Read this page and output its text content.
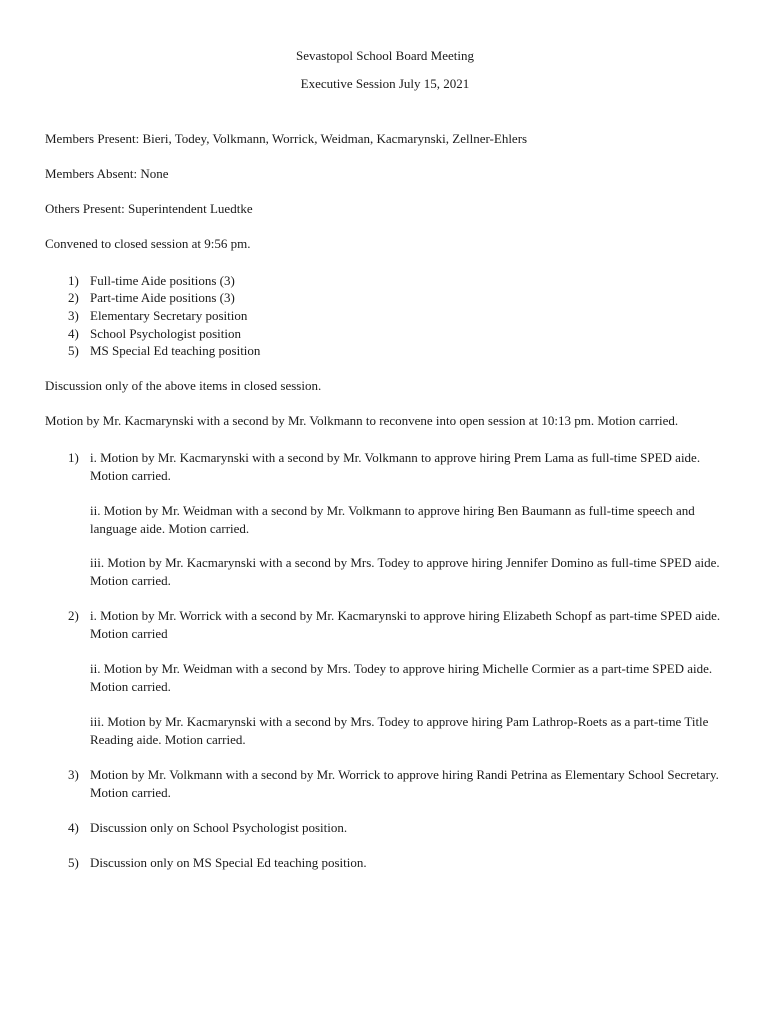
Sevastopol School Board Meeting
Executive Session July 15, 2021
Members Present: Bieri, Todey, Volkmann, Worrick, Weidman, Kacmarynski, Zellner-Ehlers
Members Absent: None
Others Present: Superintendent Luedtke
Convened to closed session at 9:56 pm.
1) Full-time Aide positions (3)
2) Part-time Aide positions (3)
3) Elementary Secretary position
4) School Psychologist position
5) MS Special Ed teaching position
Discussion only of the above items in closed session.
Motion by Mr. Kacmarynski with a second by Mr. Volkmann to reconvene into open session at 10:13 pm. Motion carried.
1) i. Motion by Mr. Kacmarynski with a second by Mr. Volkmann to approve hiring Prem Lama as full-time SPED aide. Motion carried.
ii. Motion by Mr. Weidman with a second by Mr. Volkmann to approve hiring Ben Baumann as full-time speech and language aide. Motion carried.
iii. Motion by Mr. Kacmarynski with a second by Mrs. Todey to approve hiring Jennifer Domino as full-time SPED aide. Motion carried.
2) i. Motion by Mr. Worrick with a second by Mr. Kacmarynski to approve hiring Elizabeth Schopf as part-time SPED aide. Motion carried
ii. Motion by Mr. Weidman with a second by Mrs. Todey to approve hiring Michelle Cormier as a part-time SPED aide. Motion carried.
iii. Motion by Mr. Kacmarynski with a second by Mrs. Todey to approve hiring Pam Lathrop-Roets as a part-time Title Reading aide. Motion carried.
3) Motion by Mr. Volkmann with a second by Mr. Worrick to approve hiring Randi Petrina as Elementary School Secretary. Motion carried.
4) Discussion only on School Psychologist position.
5) Discussion only on MS Special Ed teaching position.
